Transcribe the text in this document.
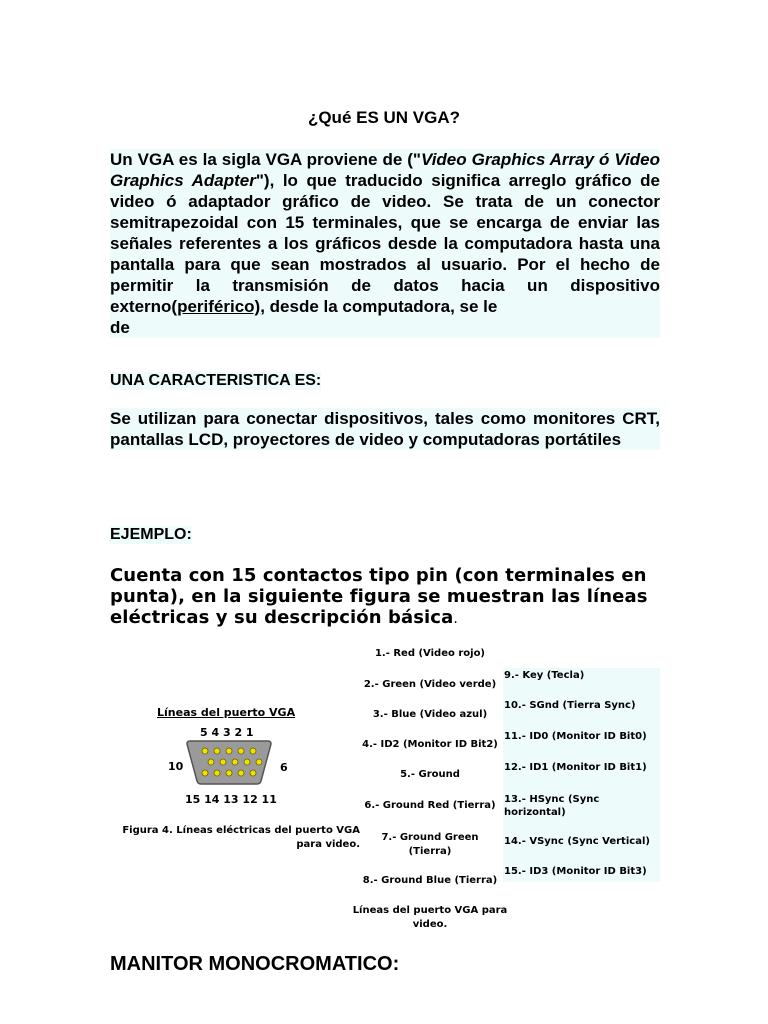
¿Qué ES UN VGA?
Un VGA es la sigla VGA proviene de ("Video Graphics Array ó Video Graphics Adapter"), lo que traducido significa arreglo gráfico de video ó adaptador gráfico de video. Se trata de un conector semitrapezoidal con 15 terminales, que se encarga de enviar las señales referentes a los gráficos desde la computadora hasta una pantalla para que sean mostrados al usuario. Por el hecho de permitir la transmisión de datos hacia un dispositivo externo(periférico), desde la computadora, se le
de
UNA CARACTERISTICA ES:
Se utilizan para conectar dispositivos, tales como monitores CRT, pantallas LCD, proyectores de video y computadoras portátiles
EJEMPLO:
Cuenta con 15 contactos tipo pin (con terminales en punta), en la siguiente figura se muestran las líneas eléctricas y su descripción básica.
Líneas del puerto VGA
5 4 3 2 1
10	6
15 14 13 12 11
Figura 4. Líneas eléctricas del puerto VGA para video.
1.- Red (Video rojo)
2.- Green (Video verde)
3.- Blue (Video azul)
4.- ID2 (Monitor ID Bit2)
5.- Ground
6.- Ground Red (Tierra)
7.- Ground Green (Tierra)
8.- Ground Blue (Tierra)
Líneas del puerto VGA para video.
9.- Key (Tecla)
10.- SGnd (Tierra Sync)
11.- ID0 (Monitor ID Bit0)
12.- ID1 (Monitor ID Bit1)
13.- HSync (Sync horizontal)
14.- VSync (Sync Vertical)
15.- ID3 (Monitor ID Bit3)
MANITOR MONOCROMATICO:
